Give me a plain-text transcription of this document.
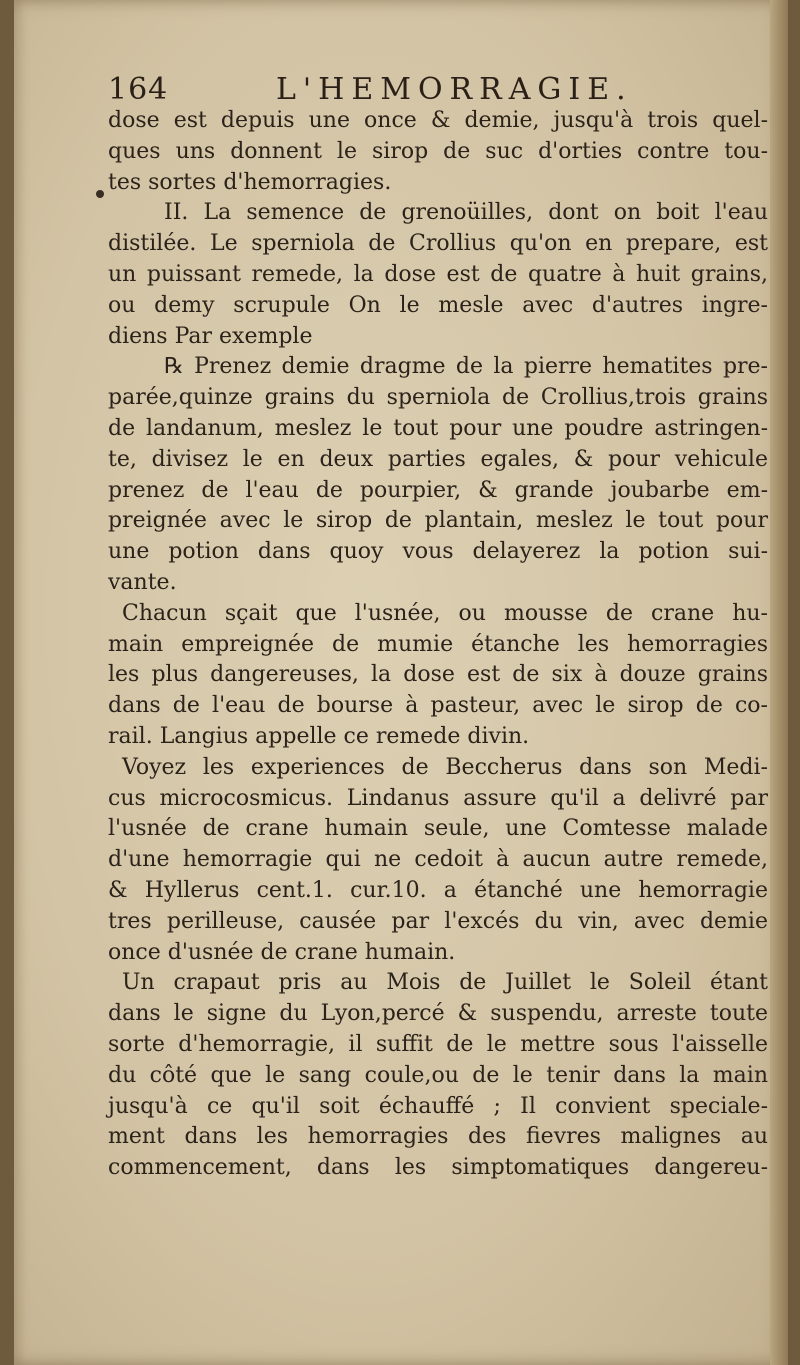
164	L'HEMORRAGIE.
dose est depuis une once & demie, jusqu'à trois quel-
ques uns donnent le sirop de suc d'orties contre tou-
tes sortes d'hemorragies.
II. La semence de grenoüilles, dont on boit l'eau
distilée. Le sperniola de Crollius qu'on en prepare, est
un puissant remede, la dose est de quatre à huit grains,
ou demy scrupule On le mesle avec d'autres ingre-
diens Par exemple
℞ Prenez demie dragme de la pierre hematites pre-
parée,quinze grains du sperniola de Crollius,trois grains
de landanum, meslez le tout pour une poudre astringen-
te, divisez le en deux parties egales, & pour vehicule
prenez de l'eau de pourpier, & grande joubarbe em-
preignée avec le sirop de plantain, meslez le tout pour
une potion dans quoy vous delayerez la potion sui-
vante.
Chacun sçait que l'usnée, ou mousse de crane hu-
main empreignée de mumie étanche les hemorragies
les plus dangereuses, la dose est de six à douze grains
dans de l'eau de bourse à pasteur, avec le sirop de co-
rail. Langius appelle ce remede divin.
Voyez les experiences de Beccherus dans son Medi-
cus microcosmicus. Lindanus assure qu'il a delivré par
l'usnée de crane humain seule, une Comtesse malade
d'une hemorragie qui ne cedoit à aucun autre remede,
& Hyllerus cent.1. cur.10. a étanché une hemorragie
tres perilleuse, causée par l'excés du vin, avec demie
once d'usnée de crane humain.
Un crapaut pris au Mois de Juillet le Soleil étant
dans le signe du Lyon,percé & suspendu, arreste toute
sorte d'hemorragie, il suffit de le mettre sous l'aisselle
du côté que le sang coule,ou de le tenir dans la main
jusqu'à ce qu'il soit échauffé ; Il convient speciale-
ment dans les hemorragies des fievres malignes au
commencement, dans les simptomatiques dangereu-
